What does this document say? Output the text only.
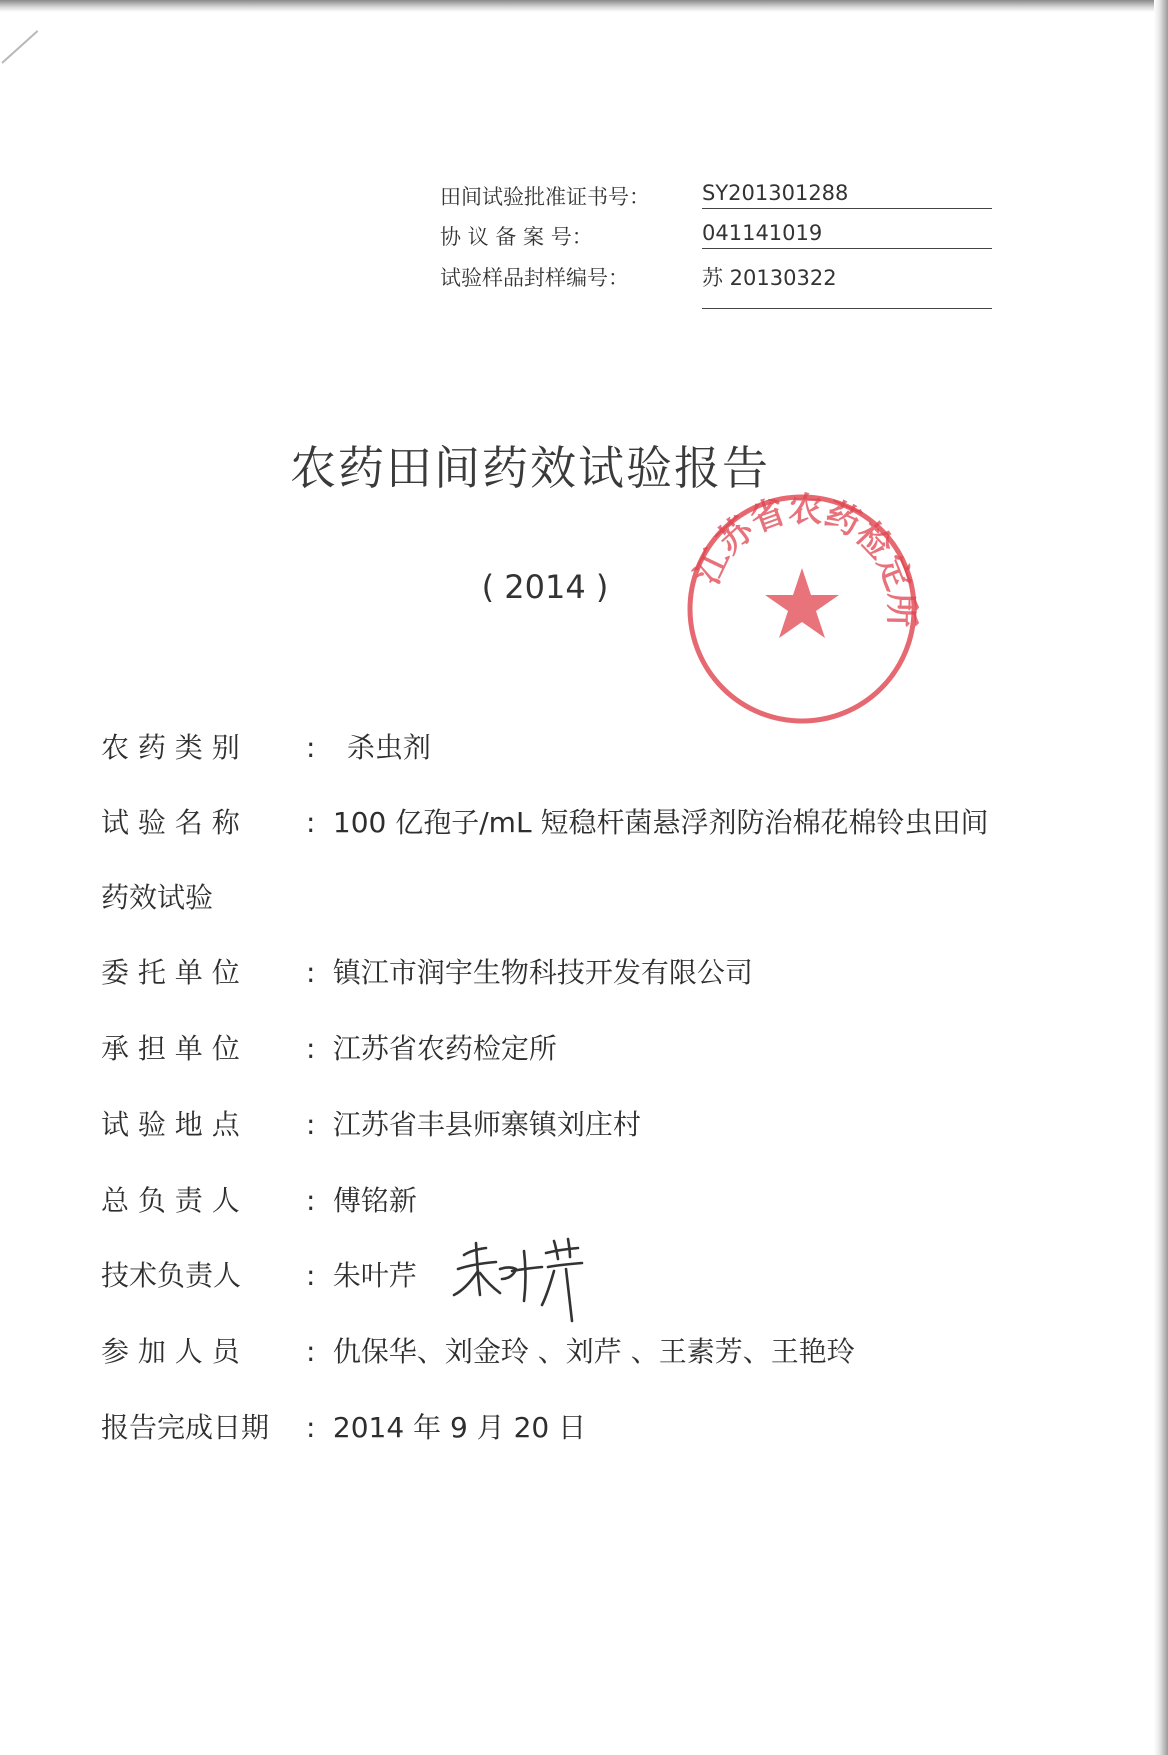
田间试验批准证书号：	SY201301288
协 议 备 案 号：	041141019
试验样品封样编号：	苏 20130322
农药田间药效试验报告
( 2014 )	江苏省农药检定所
农 药 类 别 : 杀虫剂
试 验 名 称 : 100 亿孢子/mL 短稳杆菌悬浮剂防治棉花棉铃虫田间
药效试验
委 托 单 位 : 镇江市润宇生物科技开发有限公司
承 担 单 位 : 江苏省农药检定所
试 验 地 点 : 江苏省丰县师寨镇刘庄村
总 负 责 人 : 傅铭新
技术负责人 : 朱叶芹
参 加 人 员 : 仇保华、刘金玲 、刘芹 、王素芳、王艳玲
报告完成日期 : 2014 年 9 月 20 日
